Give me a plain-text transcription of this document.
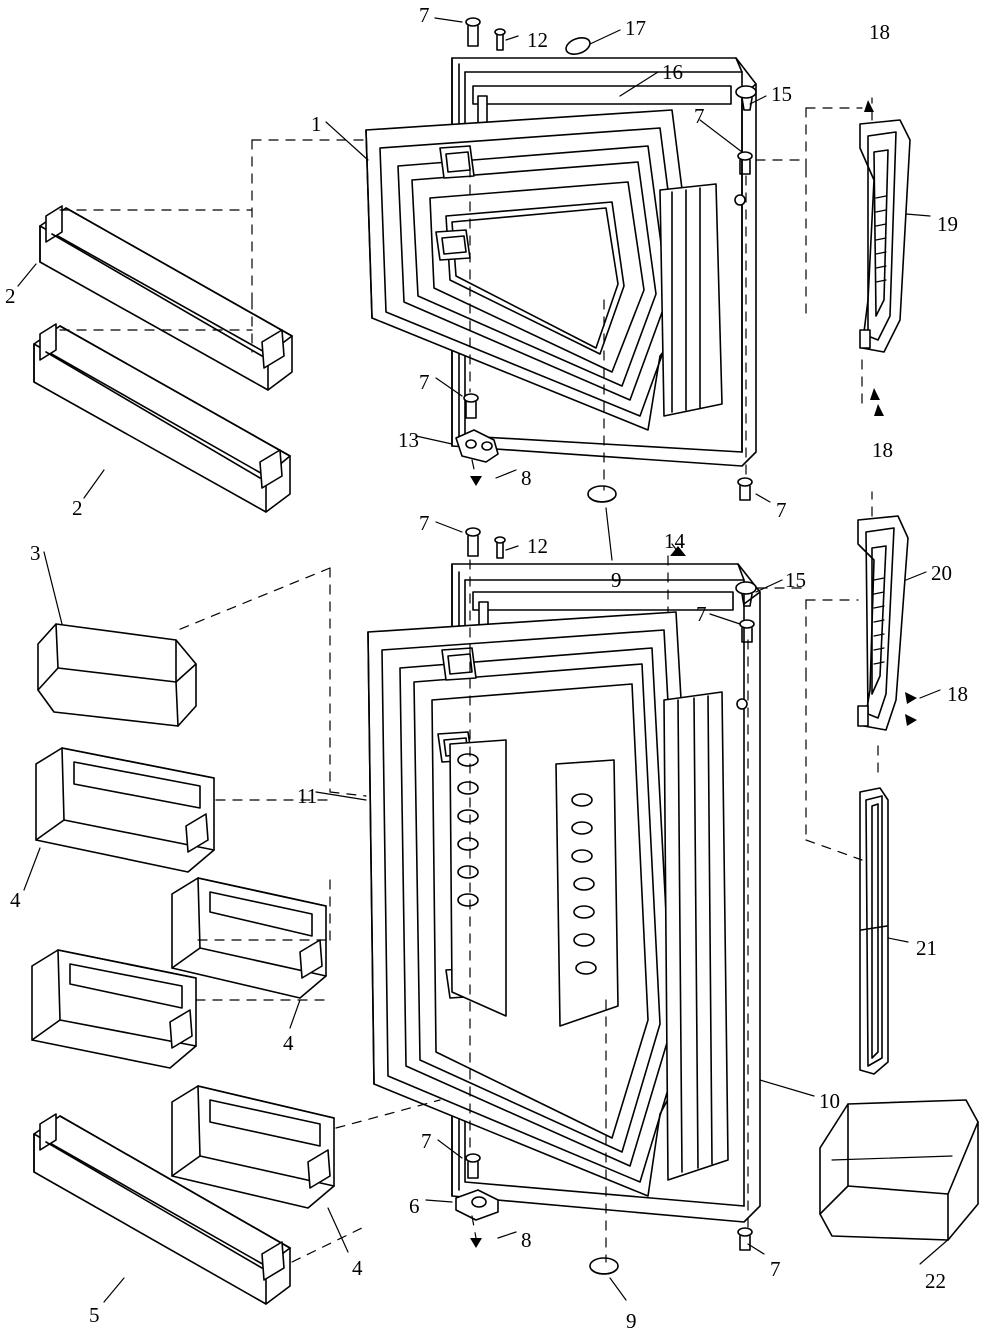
7
12	17
16
7
15
18
19
1
2
2
7
13
8
9
7
18
7
12	14
15
7
20
18
3
11
4
4
21
10
7
6
8
4
5	9
7	22
